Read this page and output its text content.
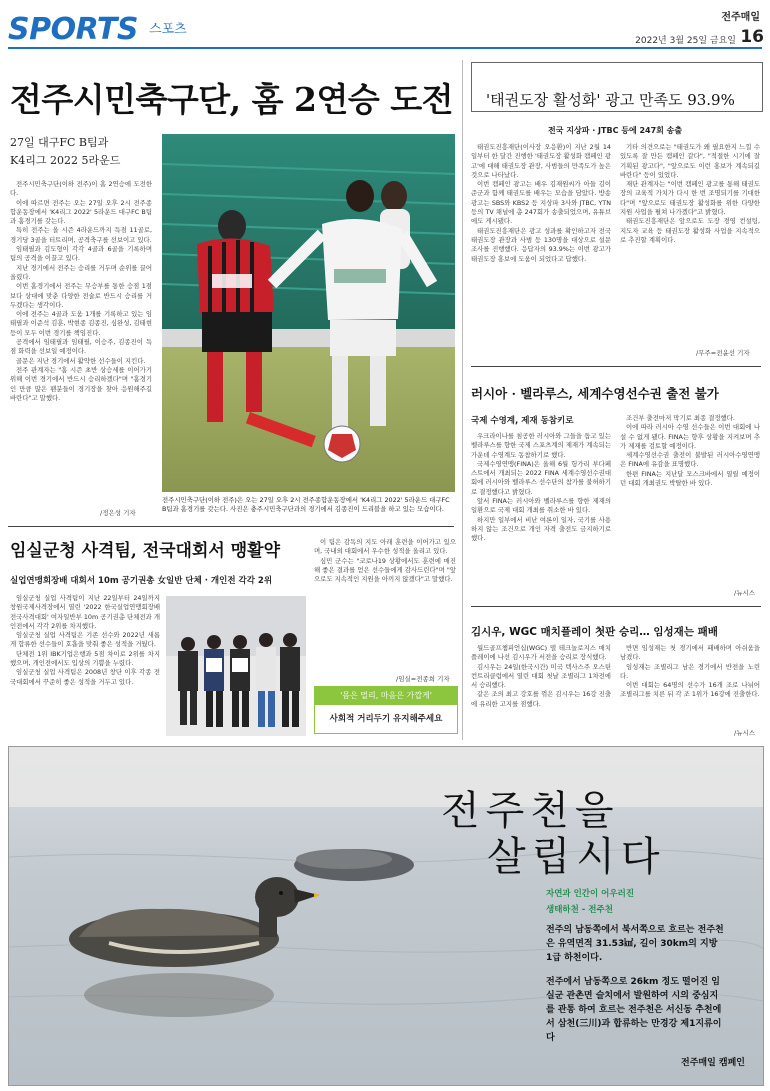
SPORTS $^{스포츠}$
전주매일
2022년 3월 25일 금요일 16
전주시민축구단, 홈 2연승 도전
27일 대구FC B팀과
K4리그 2022 5라운드

전주시민축구단(이하 전주)이 홈 2연승에 도전한다.

이에 따르면 전주는 오는 27일 오후 2시 전주종합운동장에서 'K4리그 2022' 5라운드 대구FC B팀과 홈경기를 갖는다.

특히 전주는 올 시즌 4라운드까지 득점 11골로, 경기당 3골을 터트리며, 공격축구를 선보이고 있다.

임태필과 김도형이 각각 4골과 6골을 기록하며 팀의 공격을 이끌고 있다.

지난 경기에서 전주는 승리를 거두며 순위를 끌어올렸다.

이번 홈경기에서 전주는 무승부를 통한 승점 1점보다 상대에 맞춘 다양한 전술로 반드시 승리를 거두겠다는 생각이다.

이에 전주는 4골과 도움 1개를 기록하고 있는 임태필과 이준석 김훈, 박현종 김종진, 심완성, 김태현 등이 모두 이번 경기를 책임진다.

공격에서 임태필과 임태필, 이승주, 김종진이 득점 화력을 선보일 예정이다.

골문은 지난 경기에서 활약한 선수들이 지킨다.

전주 관계자는 "홈 시즌 초반 상승세를 이어가기 위해 이번 경기에서 반드시 승리하겠다"며 "홈경기인 만큼 많은 팬분들이 경기장을 찾아 응원해주길 바란다"고 말했다.

/정은성 기자
전주시민축구단(이하 전주)은 오는 27일 오후 2시 전주종합운동장에서 'K4리그 2022' 5라운드 대구FC B팀과 홈경기를 갖는다. 사진은 충주시민축구단과의 경기에서 김종진이 드리블을 하고 있는 모습이다.
'태권도장 활성화' 광고 만족도 93.9%
전국 지상파 · JTBC 등에 247회 송출

태권도진흥재단(이사장 오응환)이 지난 2월 14일부터 한 달간 진행한 '태권도장 활성화 캠페인 광고'에 대해 태권도장 관장, 사범들의 만족도가 높은 것으로 나타났다.

이번 캠페인 광고는 배우 김재원씨가 아들 김이준군과 함께 태권도를 배우는 모습을 담았다. 방송 광고는 SBS와 KBS2 등 지상파 3사와 JTBC, YTN 등의 TV 채널에 총 247회가 송출되었으며, 유튜브에도 게시됐다.

태권도진흥재단은 광고 성과를 확인하고자 전국 태권도장 관장과 사범 등 130명을 대상으로 설문조사를 진행했다. 응답자의 93.9%는 이번 광고가 태권도장 홍보에 도움이 되었다고 답했다.

기타 의견으로는 "태권도가 왜 필요한지 느낄 수 있도록 잘 만든 캠페인 같다", "적절한 시기에 잘 기획된 광고다", "앞으로도 이런 홍보가 계속되길 바란다" 등이 있었다.

재단 관계자는 "이번 캠페인 광고를 통해 태권도장의 교육적 가치가 다시 한 번 조명되기를 기대한다"며 "앞으로도 태권도장 활성화를 위한 다양한 지원 사업을 펼쳐 나가겠다"고 밝혔다.

태권도진흥재단은 앞으로도 도장 경영 컨설팅, 지도자 교육 등 태권도장 활성화 사업을 지속적으로 추진할 계획이다.

/무주=전윤선 기자
러시아 · 벨라루스, 세계수영선수권 출전 불가
국제 수영계, 제재 동참키로

우크라이나를 침공한 러시아와 그들을 돕고 있는 벨라루스를 향한 국제 스포츠계의 제재가 계속되는 가운데 수영계도 동참하기로 했다.

국제수영연맹(FINA)은 올해 6월 헝가리 부다페스트에서 개최되는 2022 FINA 세계수영선수권대회에 러시아와 벨라루스 선수단의 참가를 불허하기로 결정했다고 밝혔다.

앞서 FINA는 러시아와 벨라루스를 향한 제재의 일환으로 국제 대회 개최를 취소한 바 있다.

하지만 일부에서 비난 여론이 일자, 국기를 사용하지 않는 조건으로 개인 자격 출전도 금지하기로 했다.

조건부 출전마저 막기로 최종 결정했다.

이에 따라 러시아 수영 선수들은 이번 대회에 나설 수 없게 됐다. FINA는 향후 상황을 지켜보며 추가 제재를 검토할 예정이다.

세계수영선수권 출전이 불발된 러시아수영연맹은 FINA에 유감을 표명했다.

한편 FINA는 지난달 모스크바에서 열릴 예정이던 대회 개최권도 박탈한 바 있다.

/뉴시스
김시우, WGC 매치플레이 첫판 승리… 임성재는 패배

월드골프챔피언십(WGC) 델 테크놀로지스 매치플레이에 나선 김시우가 서전을 승리로 장식했다.

김시우는 24일(한국시간) 미국 텍사스주 오스틴 컨트리클럽에서 열린 대회 첫날 조별리그 1차전에서 승리했다.

같은 조의 최고 강호를 꺾은 김시우는 16강 진출에 유리한 고지를 점했다.

반면 임성재는 첫 경기에서 패배하며 아쉬움을 남겼다.

임성재는 조별리그 남은 경기에서 반전을 노린다.

이번 대회는 64명의 선수가 16개 조로 나뉘어 조별리그를 치른 뒤 각 조 1위가 16강에 진출한다.

/뉴시스
임실군청 사격팀, 전국대회서 맹활약
실업연맹회장배 대회서 10m 공기권총 女일반 단체 · 개인전 각각 2위

임실군청 실업 사격팀이 지난 22일부터 24일까지 창원국제사격장에서 열린 '2022 한국실업연맹회장배 전국사격대회' 여자일반부 10m 공기권총 단체전과 개인전에서 각각 2위를 차지했다.

임실군청 실업 사격팀은 기존 선수와 2022년 새롭게 합류한 선수들이 호흡을 맞춰 좋은 성적을 거뒀다.

단체전 1위 IBK기업은행과 5점 차이로 2위를 차지했으며, 개인전에서도 입상의 기쁨을 누렸다.

임실군청 실업 사격팀은 2008년 창단 이후 각종 전국대회에서 꾸준히 좋은 성적을 거두고 있다.

이 팀은 감독의 지도 아래 훈련을 이어가고 있으며, 국내외 대회에서 우수한 성적을 올리고 있다.

심민 군수는 "코로나19 상황에서도 훈련에 매진해 좋은 결과를 얻은 선수들에게 감사드린다"며 "앞으로도 지속적인 지원을 아끼지 않겠다"고 말했다.

/임실=전종희 기자
'몸은 멀리, 마음은 가깝게'
사회적 거리두기 유지해주세요
전주천을
살립시다
자연과 인간이 어우러진
생태하천 - 전주천
전주의 남동쪽에서 북서쪽으로 흐르는 전주천은 유역면적 31.53㎢, 길이 30km의 지방 1급 하천이다.
전주에서 남동쪽으로 26km 정도 떨어진 임실군 관촌면 슬치에서 발원하여 시의 중심지를 관통 하여 흐르는 전주천은 서신동 추천에서 삼천(三川)과 합류하는 만경강 제1지류이다
전주매일 캠페인
